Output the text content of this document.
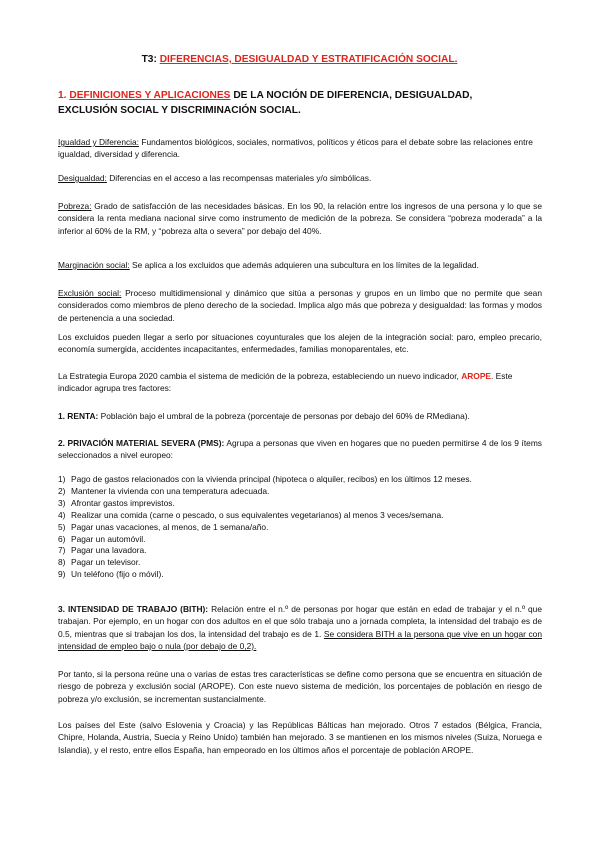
T3: DIFERENCIAS, DESIGUALDAD Y ESTRATIFICACIÓN SOCIAL.
1. DEFINICIONES Y APLICACIONES DE LA NOCIÓN DE DIFERENCIA, DESIGUALDAD, EXCLUSIÓN SOCIAL Y DISCRIMINACIÓN SOCIAL.

Igualdad y Diferencia: Fundamentos biológicos, sociales, normativos, políticos y éticos para el debate sobre las relaciones entre igualdad, diversidad y diferencia.

Desigualdad: Diferencias en el acceso a las recompensas materiales y/o simbólicas.

Pobreza: Grado de satisfacción de las necesidades básicas. En los 90, la relación entre los ingresos de una persona y lo que se considera la renta mediana nacional sirve como instrumento de medición de la pobreza. Se considera “pobreza moderada” a la inferior al 60% de la RM, y “pobreza alta o severa” por debajo del 40%.

Marginación social: Se aplica a los excluidos que además adquieren una subcultura en los límites de la legalidad.

Exclusión social: Proceso multidimensional y dinámico que sitúa a personas y grupos en un limbo que no permite que sean considerados como miembros de pleno derecho de la sociedad. Implica algo más que pobreza y desigualdad: las formas y modos de pertenencia a una sociedad.

Los excluidos pueden llegar a serlo por situaciones coyunturales que los alejen de la integración social: paro, empleo precario, economía sumergida, accidentes incapacitantes, enfermedades, familias monoparentales, etc.

La Estrategia Europa 2020 cambia el sistema de medición de la pobreza, estableciendo un nuevo indicador, AROPE. Este indicador agrupa tres factores:

1. RENTA: Población bajo el umbral de la pobreza (porcentaje de personas por debajo del 60% de RMediana).

2. PRIVACIÓN MATERIAL SEVERA (PMS): Agrupa a personas que viven en hogares que no pueden permitirse 4 de los 9 ítems seleccionados a nivel europeo:

1) Pago de gastos relacionados con la vivienda principal (hipoteca o alquiler, recibos) en los últimos 12 meses.
2) Mantener la vivienda con una temperatura adecuada.
3) Afrontar gastos imprevistos.
4) Realizar una comida (carne o pescado, o sus equivalentes vegetarianos) al menos 3 veces/semana.
5) Pagar unas vacaciones, al menos, de 1 semana/año.
6) Pagar un automóvil.
7) Pagar una lavadora.
8) Pagar un televisor.
9) Un teléfono (fijo o móvil).

3. INTENSIDAD DE TRABAJO (BITH): Relación entre el n.º de personas por hogar que están en edad de trabajar y el n.º que trabajan. Por ejemplo, en un hogar con dos adultos en el que sólo trabaja uno a jornada completa, la intensidad del trabajo es de 0.5, mientras que si trabajan los dos, la intensidad del trabajo es de 1. Se considera BITH a la persona que vive en un hogar con intensidad de empleo bajo o nula (por debajo de 0,2).

Por tanto, si la persona reúne una o varias de estas tres características se define como persona que se encuentra en situación de riesgo de pobreza y exclusión social (AROPE). Con este nuevo sistema de medición, los porcentajes de población en riesgo de pobreza y/o exclusión, se incrementan sustancialmente.

Los países del Este (salvo Eslovenia y Croacia) y las Repúblicas Bálticas han mejorado. Otros 7 estados (Bélgica, Francia, Chipre, Holanda, Austria, Suecia y Reino Unido) también han mejorado. 3 se mantienen en los mismos niveles (Suiza, Noruega e Islandia), y el resto, entre ellos España, han empeorado en los últimos años el porcentaje de población AROPE.
